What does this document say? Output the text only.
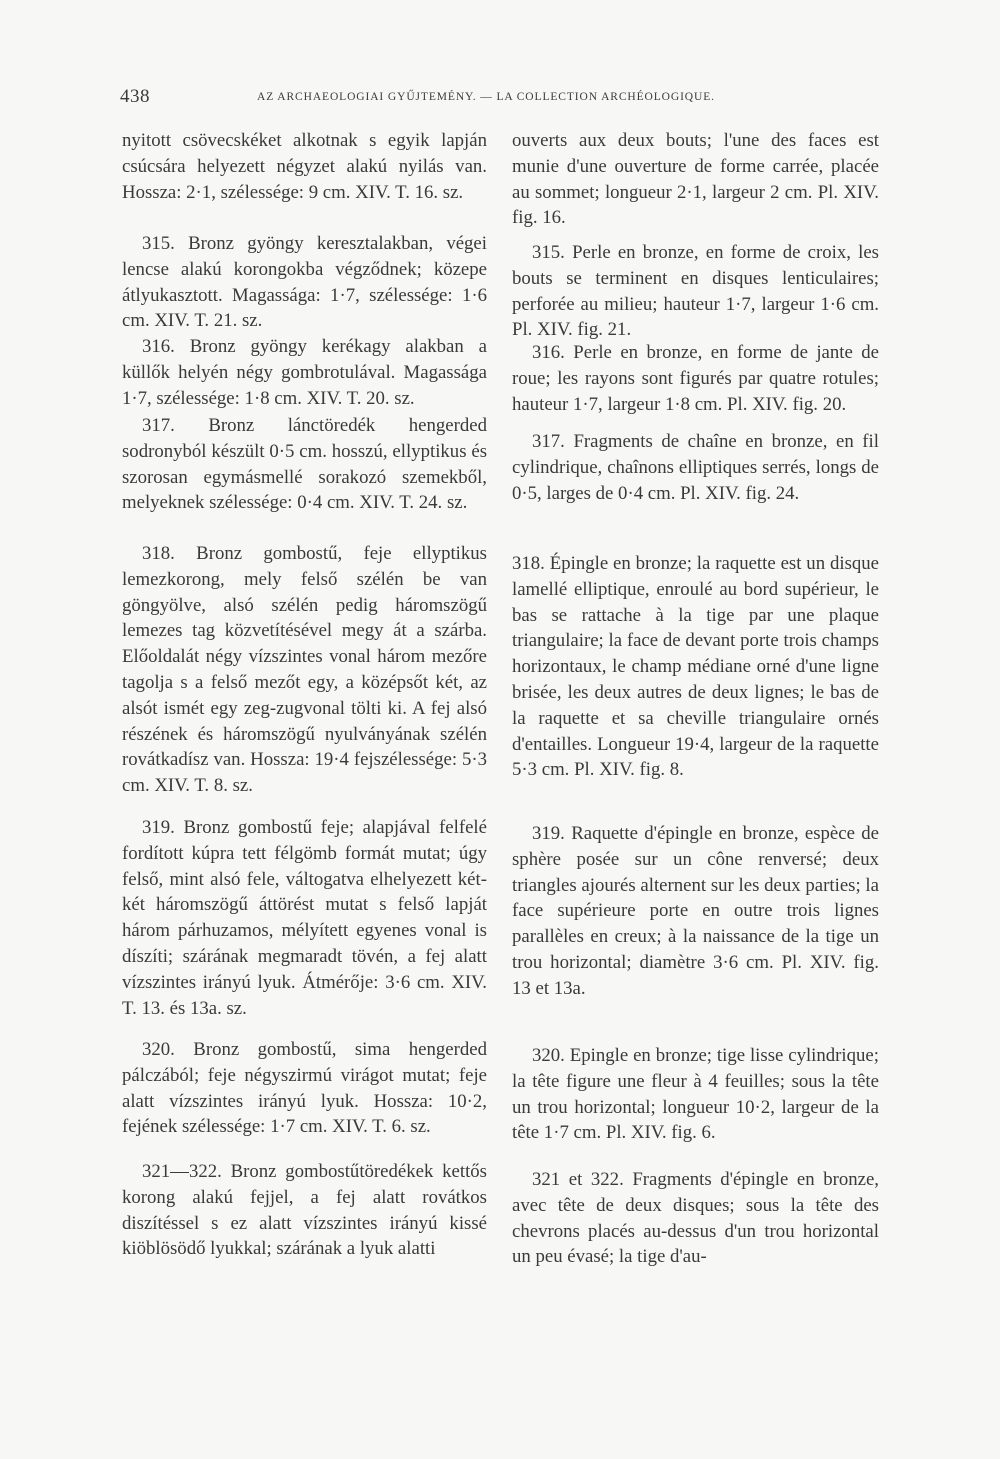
438	AZ ARCHAEOLOGIAI GYŰJTEMÉNY. — LA COLLECTION ARCHÉOLOGIQUE.

nyitott csövecskéket alkotnak s egyik lapján csúcsára helyezett négyzet alakú nyilás van. Hossza: 2·1, szélessége: 9 cm. XIV. T. 16. sz.

315. Bronz gyöngy keresztalakban, végei lencse alakú korongokba végződnek; közepe átlyukasztott. Magassága: 1·7, szélessége: 1·6 cm. XIV. T. 21. sz.

316. Bronz gyöngy kerékagy alakban a küllők helyén négy gombrotulával. Magassága 1·7, szélessége: 1·8 cm. XIV. T. 20. sz.

317. Bronz lánctöredék hengerded sodronyból készült 0·5 cm. hosszú, ellyptikus és szorosan egymásmellé sorakozó szemekből, melyeknek szélessége: 0·4 cm. XIV. T. 24. sz.

318. Bronz gombostű, feje ellyptikus lemezkorong, mely felső szélén be van göngyölve, alsó szélén pedig háromszögű lemezes tag közvetítésével megy át a szárba. Előoldalát négy vízszintes vonal három mezőre tagolja s a felső mezőt egy, a középsőt két, az alsót ismét egy zeg-zugvonal tölti ki. A fej alsó részének és háromszögű nyulványának szélén rovátkadísz van. Hossza: 19·4 fejszélessége: 5·3 cm. XIV. T. 8. sz.

319. Bronz gombostű feje; alapjával felfelé fordított kúpra tett félgömb formát mutat; úgy felső, mint alsó fele, váltogatva elhelyezett két-két háromszögű áttörést mutat s felső lapját három párhuzamos, mélyített egyenes vonal is díszíti; szárának megmaradt tövén, a fej alatt vízszintes irányú lyuk. Átmérője: 3·6 cm. XIV. T. 13. és 13a. sz.

320. Bronz gombostű, sima hengerded pálczából; feje négyszirmú virágot mutat; feje alatt vízszintes irányú lyuk. Hossza: 10·2, fejének szélessége: 1·7 cm. XIV. T. 6. sz.

321—322. Bronz gombostűtöredékek kettős korong alakú fejjel, a fej alatt rovátkos diszítéssel s ez alatt vízszintes irányú kissé kiöblösödő lyukkal; szárának a lyuk alatti

ouverts aux deux bouts; l'une des faces est munie d'une ouverture de forme carrée, placée au sommet; longueur 2·1, largeur 2 cm. Pl. XIV. fig. 16.

315. Perle en bronze, en forme de croix, les bouts se terminent en disques lenticulaires; perforée au milieu; hauteur 1·7, largeur 1·6 cm. Pl. XIV. fig. 21.

316. Perle en bronze, en forme de jante de roue; les rayons sont figurés par quatre rotules; hauteur 1·7, largeur 1·8 cm. Pl. XIV. fig. 20.

317. Fragments de chaîne en bronze, en fil cylindrique, chaînons elliptiques serrés, longs de 0·5, larges de 0·4 cm. Pl. XIV. fig. 24.

318. Épingle en bronze; la raquette est un disque lamellé elliptique, enroulé au bord supérieur, le bas se rattache à la tige par une plaque triangulaire; la face de devant porte trois champs horizontaux, le champ médiane orné d'une ligne brisée, les deux autres de deux lignes; le bas de la raquette et sa cheville triangulaire ornés d'entailles. Longueur 19·4, largeur de la raquette 5·3 cm. Pl. XIV. fig. 8.

319. Raquette d'épingle en bronze, espèce de sphère posée sur un cône renversé; deux triangles ajourés alternent sur les deux parties; la face supérieure porte en outre trois lignes parallèles en creux; à la naissance de la tige un trou horizontal; diamètre 3·6 cm. Pl. XIV. fig. 13 et 13a.

320. Epingle en bronze; tige lisse cylindrique; la tête figure une fleur à 4 feuilles; sous la tête un trou horizontal; longueur 10·2, largeur de la tête 1·7 cm. Pl. XIV. fig. 6.

321 et 322. Fragments d'épingle en bronze, avec tête de deux disques; sous la tête des chevrons placés au-dessus d'un trou horizontal un peu évasé; la tige d'au-
